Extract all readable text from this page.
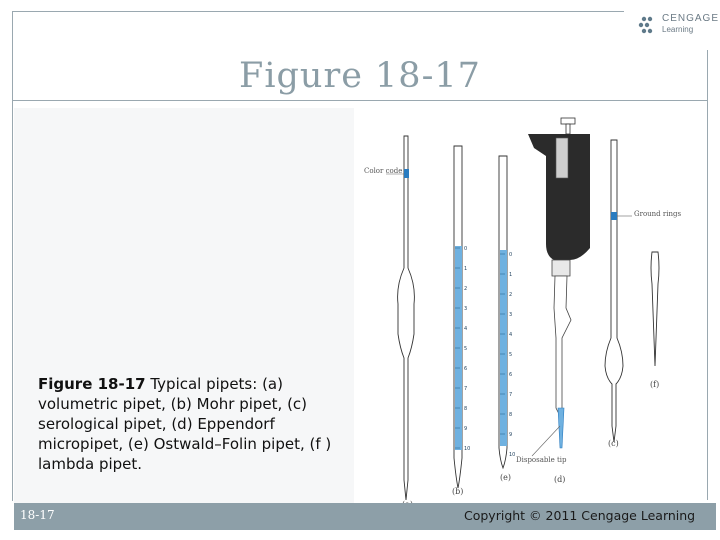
CENGAGE
Learning
Figure 18-17
Figure 18-17 Typical pipets: (a) volumetric pipet, (b) Mohr pipet, (c) serological pipet, (d) Eppendorf micropipet, (e) Ostwald–Folin pipet, (f ) lambda pipet.
Color code
Disposable tip
Ground rings
(b)
(e)	(d)
(c)
(f)
0
1
2
3
4
5
6
7
8
9
10
0
1
2
3
4
5
6
7
8
9
10
18-17	Copyright © 2011 Cengage Learning
